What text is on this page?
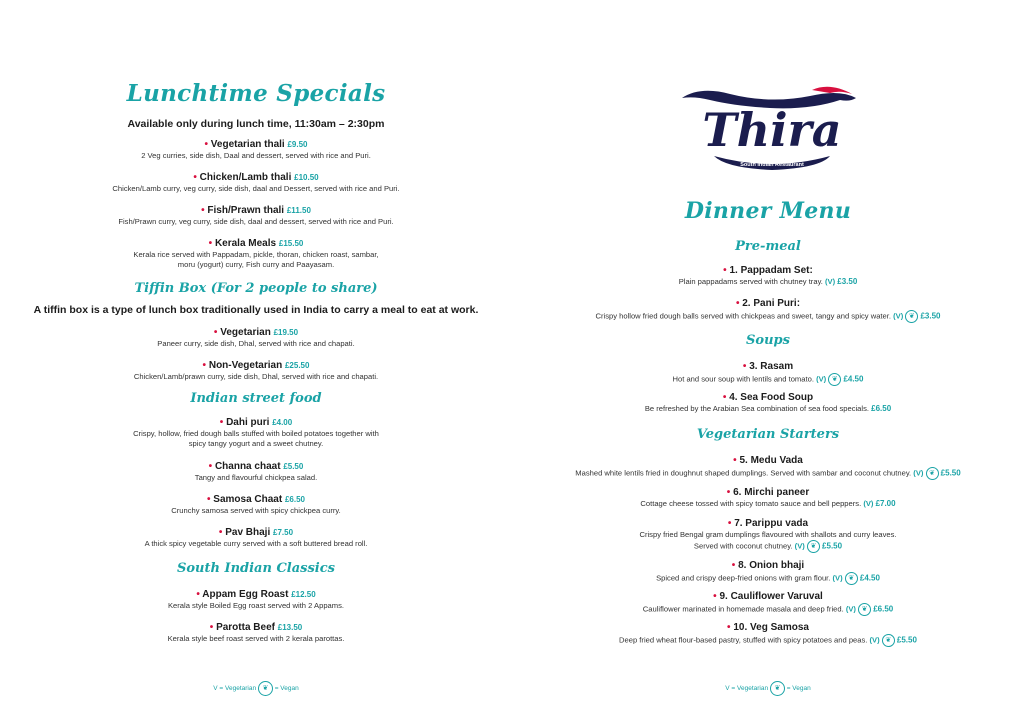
Lunchtime Specials
Available only during lunch time, 11:30am – 2:30pm
• Vegetarian thali £9.50
2 Veg curries, side dish, Daal and dessert, served with rice and Puri.
• Chicken/Lamb thali £10.50
Chicken/Lamb curry, veg curry, side dish, daal and Dessert, served with rice and Puri.
• Fish/Prawn thali £11.50
Fish/Prawn curry, veg curry, side dish, daal and dessert, served with rice and Puri.
• Kerala Meals £15.50
Kerala rice served with Pappadam, pickle, thoran, chicken roast, sambar,
moru (yogurt) curry, Fish curry and Paayasam.
Tiffin Box (For 2 people to share)
A tiffin box is a type of lunch box traditionally used in India to carry a meal to eat at work.
• Vegetarian £19.50
Paneer curry, side dish, Dhal, served with rice and chapati.
• Non-Vegetarian £25.50
Chicken/Lamb/prawn curry, side dish, Dhal, served with rice and chapati.
Indian street food
• Dahi puri £4.00
Crispy, hollow, fried dough balls stuffed with boiled potatoes together with
spicy tangy yogurt and a sweet chutney.
• Channa chaat £5.50
Tangy and flavourful chickpea salad.
• Samosa Chaat £6.50
Crunchy samosa served with spicy chickpea curry.
• Pav Bhaji £7.50
A thick spicy vegetable curry served with a soft buttered bread roll.
South Indian Classics
• Appam Egg Roast £12.50
Kerala style Boiled Egg roast served with 2 Appams.
• Parotta Beef £13.50
Kerala style beef roast served with 2 kerala parottas.
V = Vegetarian ❦ = Vegan
Thira
South Indian Restaurant
Dinner Menu
Pre-meal
• 1. Pappadam Set:
Plain pappadams served with chutney tray. (V) £3.50
• 2. Pani Puri:
Crispy hollow fried dough balls served with chickpeas and sweet, tangy and spicy water. (V) ❦ £3.50
Soups
• 3. Rasam
Hot and sour soup with lentils and tomato. (V) ❦ £4.50
• 4. Sea Food Soup
Be refreshed by the Arabian Sea combination of sea food specials. £6.50
Vegetarian Starters
• 5. Medu Vada
Mashed white lentils fried in doughnut shaped dumplings. Served with sambar and coconut chutney. (V) ❦ £5.50
• 6. Mirchi paneer
Cottage cheese tossed with spicy tomato sauce and bell peppers. (V) £7.00
• 7. Parippu vada
Crispy fried Bengal gram dumplings flavoured with shallots and curry leaves.
Served with coconut chutney. (V) ❦ £5.50
• 8. Onion bhaji
Spiced and crispy deep-fried onions with gram flour. (V) ❦ £4.50
• 9. Cauliflower Varuval
Cauliflower marinated in homemade masala and deep fried. (V) ❦ £6.50
• 10. Veg Samosa
Deep fried wheat flour-based pastry, stuffed with spicy potatoes and peas. (V) ❦ £5.50
V = Vegetarian ❦ = Vegan
